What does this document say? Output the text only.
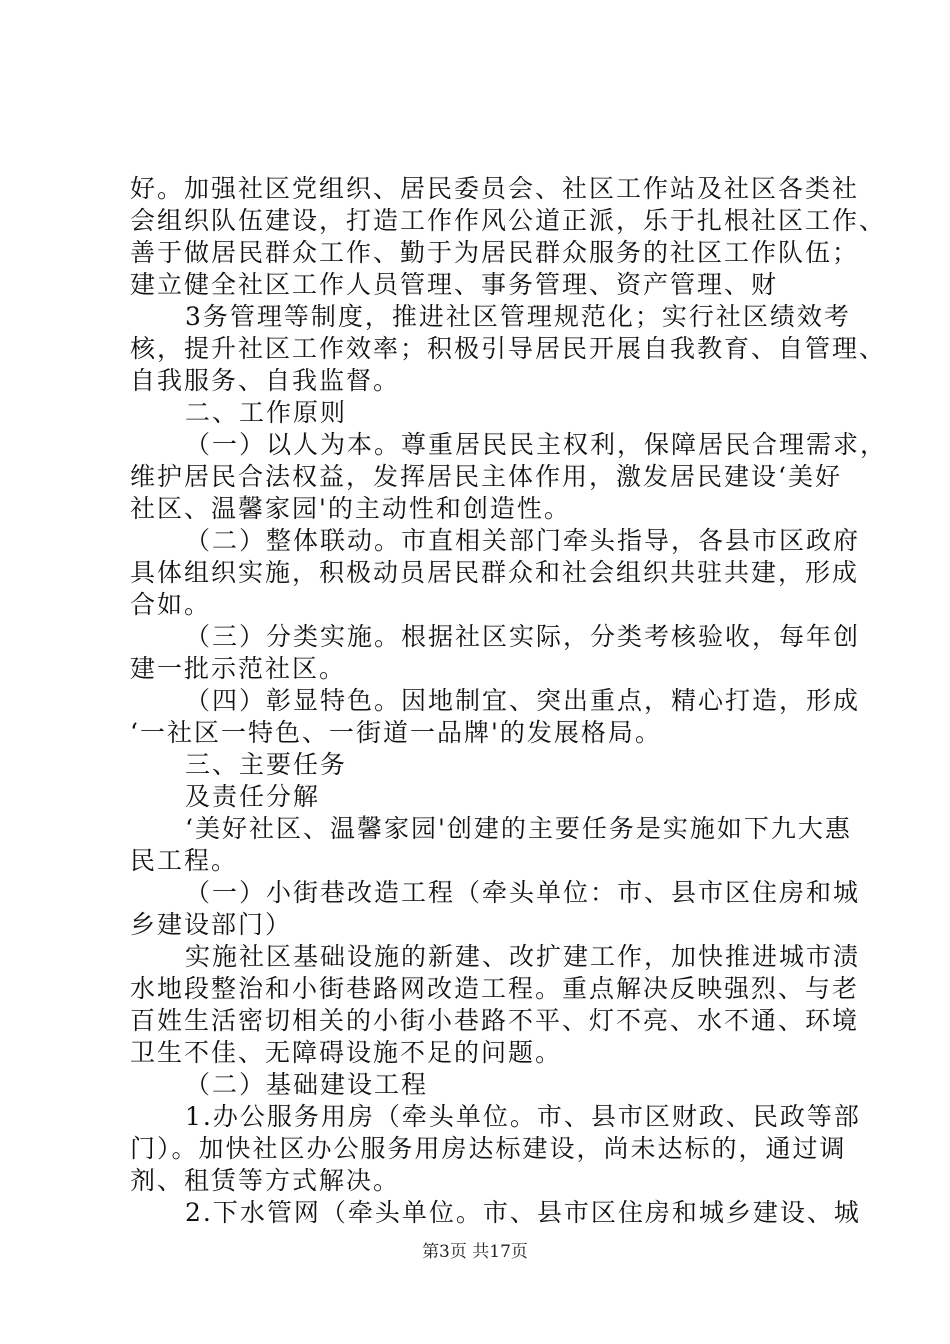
好。加强社区党组织、居民委员会、社区工作站及社区各类社
会组织队伍建设，打造工作作风公道正派，乐于扎根社区工作、
善于做居民群众工作、勤于为居民群众服务的社区工作队伍；
建立健全社区工作人员管理、事务管理、资产管理、财
3务管理等制度，推进社区管理规范化；实行社区绩效考
核，提升社区工作效率；积极引导居民开展自我教育、自管理、
自我服务、自我监督。
二、工作原则
（一）以人为本。尊重居民民主权利，保障居民合理需求，
维护居民合法权益，发挥居民主体作用，激发居民建设‘美好
社区、温馨家园'的主动性和创造性。
（二）整体联动。市直相关部门牵头指导，各县市区政府
具体组织实施，积极动员居民群众和社会组织共驻共建，形成
合如。
（三）分类实施。根据社区实际，分类考核验收，每年创
建一批示范社区。
（四）彰显特色。因地制宜、突出重点，精心打造，形成
‘一社区一特色、一街道一品牌'的发展格局。
三、主要任务
及责任分解
‘美好社区、温馨家园'创建的主要任务是实施如下九大惠
民工程。
（一）小街巷改造工程（牵头单位：市、县市区住房和城
乡建设部门）
实施社区基础设施的新建、改扩建工作，加快推进城市渍
水地段整治和小街巷路网改造工程。重点解决反映强烈、与老
百姓生活密切相关的小街小巷路不平、灯不亮、水不通、环境
卫生不佳、无障碍设施不足的问题。
（二）基础建设工程
1.办公服务用房（牵头单位。市、县市区财政、民政等部
门）。加快社区办公服务用房达标建设，尚未达标的，通过调
剂、租赁等方式解决。
2.下水管网（牵头单位。市、县市区住房和城乡建设、城
第3页 共17页
